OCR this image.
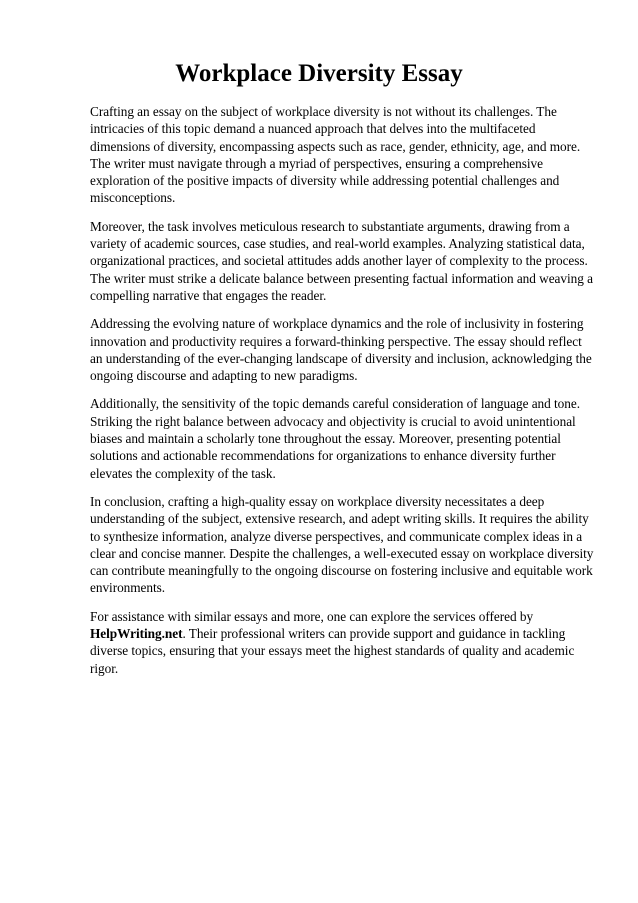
Workplace Diversity Essay

Crafting an essay on the subject of workplace diversity is not without its challenges. The intricacies of this topic demand a nuanced approach that delves into the multifaceted dimensions of diversity, encompassing aspects such as race, gender, ethnicity, age, and more. The writer must navigate through a myriad of perspectives, ensuring a comprehensive exploration of the positive impacts of diversity while addressing potential challenges and misconceptions.

Moreover, the task involves meticulous research to substantiate arguments, drawing from a variety of academic sources, case studies, and real-world examples. Analyzing statistical data, organizational practices, and societal attitudes adds another layer of complexity to the process. The writer must strike a delicate balance between presenting factual information and weaving a compelling narrative that engages the reader.

Addressing the evolving nature of workplace dynamics and the role of inclusivity in fostering innovation and productivity requires a forward-thinking perspective. The essay should reflect an understanding of the ever-changing landscape of diversity and inclusion, acknowledging the ongoing discourse and adapting to new paradigms.

Additionally, the sensitivity of the topic demands careful consideration of language and tone. Striking the right balance between advocacy and objectivity is crucial to avoid unintentional biases and maintain a scholarly tone throughout the essay. Moreover, presenting potential solutions and actionable recommendations for organizations to enhance diversity further elevates the complexity of the task.

In conclusion, crafting a high-quality essay on workplace diversity necessitates a deep understanding of the subject, extensive research, and adept writing skills. It requires the ability to synthesize information, analyze diverse perspectives, and communicate complex ideas in a clear and concise manner. Despite the challenges, a well-executed essay on workplace diversity can contribute meaningfully to the ongoing discourse on fostering inclusive and equitable work environments.

For assistance with similar essays and more, one can explore the services offered by HelpWriting.net. Their professional writers can provide support and guidance in tackling diverse topics, ensuring that your essays meet the highest standards of quality and academic rigor.
